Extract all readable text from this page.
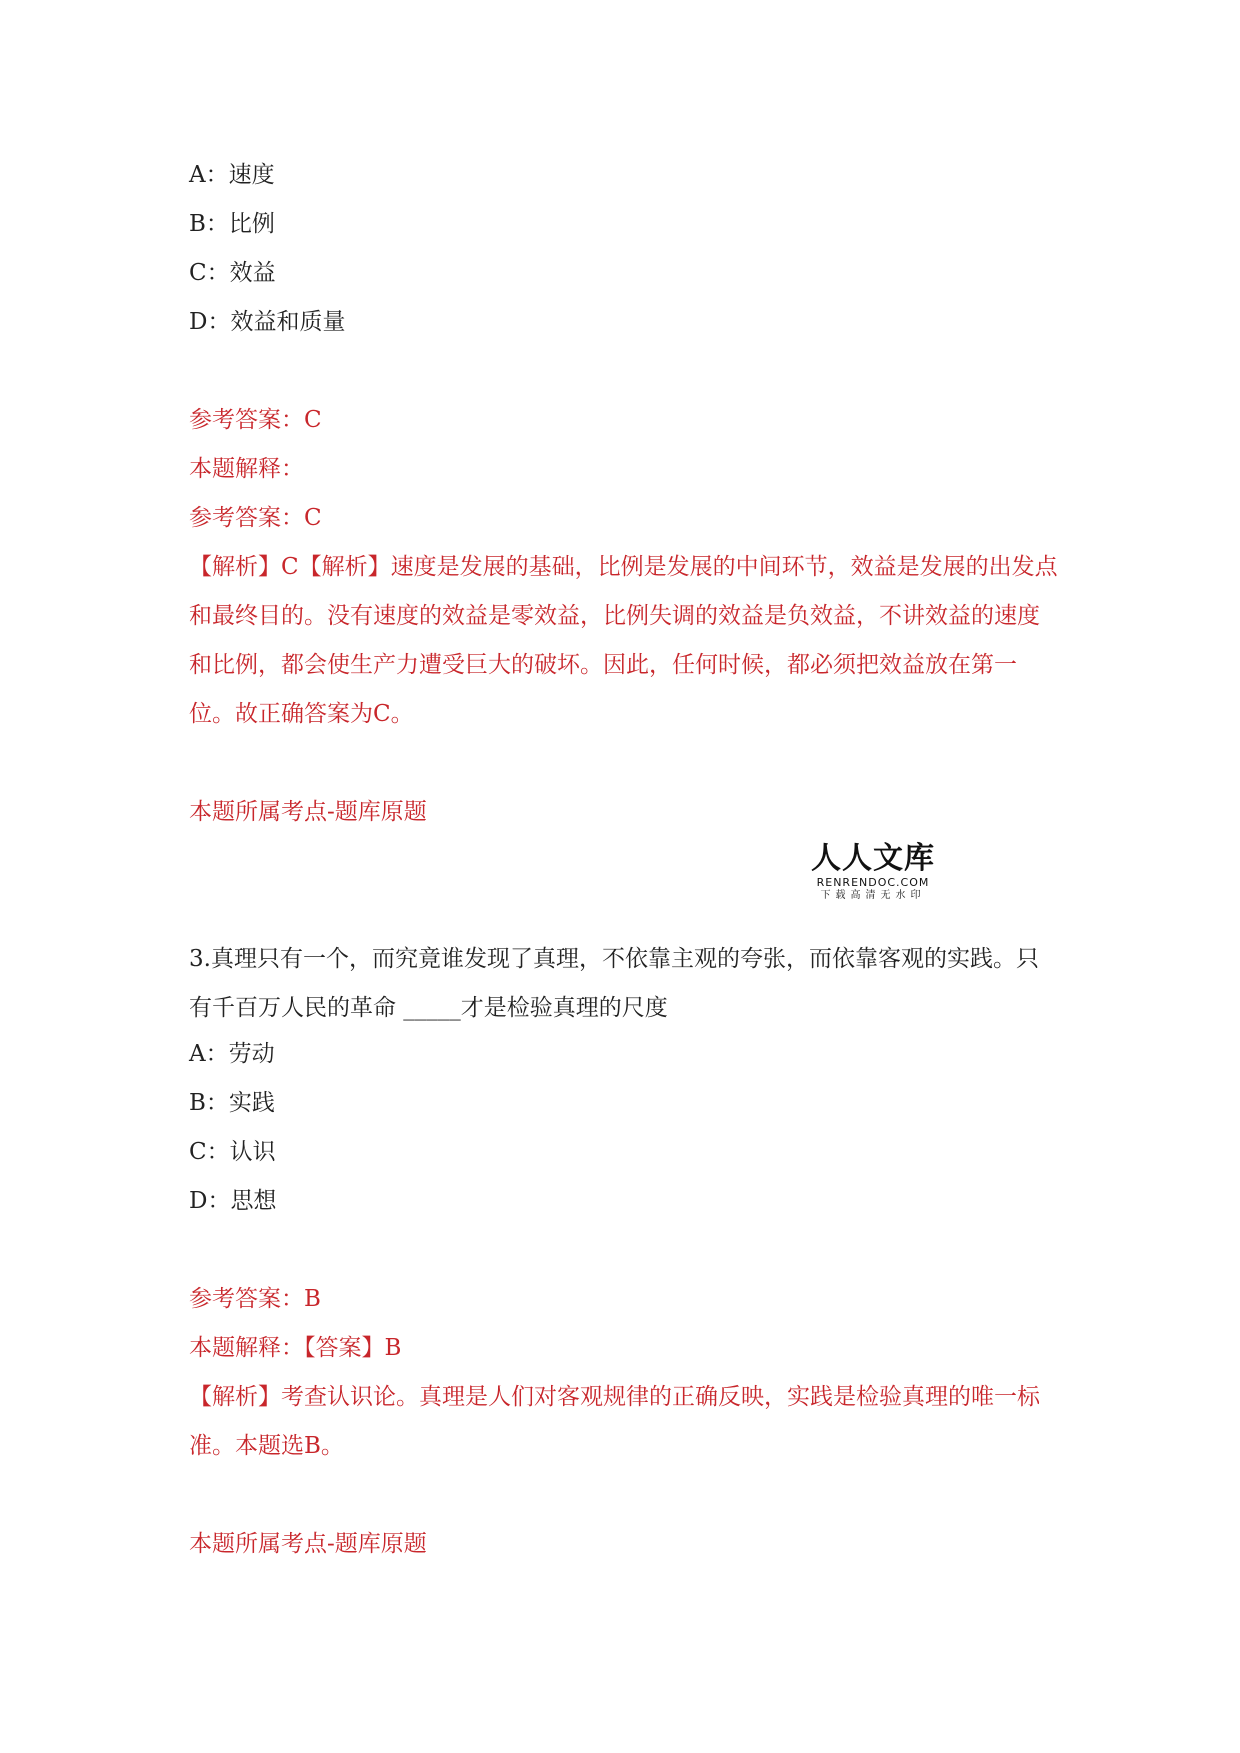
A：速度
B：比例
C：效益
D：效益和质量
参考答案：C
本题解释：
参考答案：C
【解析】C【解析】速度是发展的基础，比例是发展的中间环节，效益是发展的出发点和最终目的。没有速度的效益是零效益，比例失调的效益是负效益，不讲效益的速度和比例，都会使生产力遭受巨大的破坏。因此，任何时候，都必须把效益放在第一位。故正确答案为C。
本题所属考点-题库原题
人人文库
RENRENDOC.COM
下载高清无水印
3.真理只有一个，而究竟谁发现了真理，不依靠主观的夸张，而依靠客观的实践。只有千百万人民的革命 _____才是检验真理的尺度
A：劳动
B：实践
C：认识
D：思想
参考答案：B
本题解释：【答案】B
【解析】考查认识论。真理是人们对客观规律的正确反映，实践是检验真理的唯一标准。本题选B。
本题所属考点-题库原题
